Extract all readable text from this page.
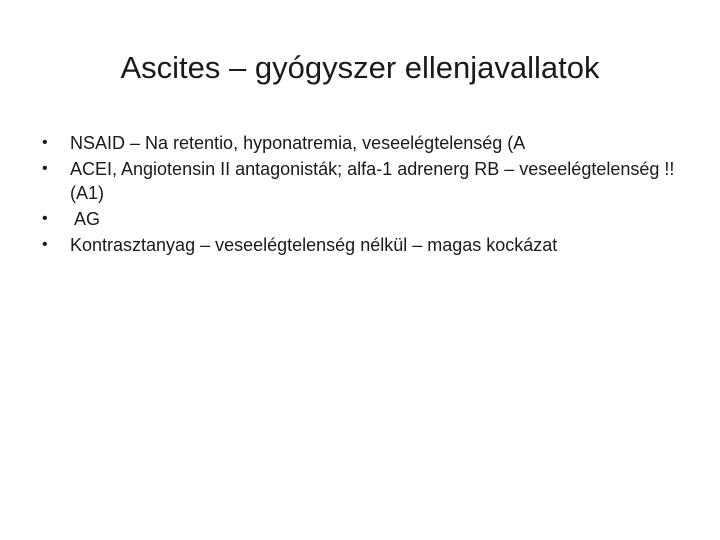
Ascites – gyógyszer ellenjavallatok
•	NSAID – Na retentio, hyponatremia, veseelégtelenség (A
•	ACEI, Angiotensin II antagonisták; alfa-1 adrenerg RB – veseelégtelenség !! (A1)
•	AG
•	Kontrasztanyag – veseelégtelenség nélkül – magas kockázat
